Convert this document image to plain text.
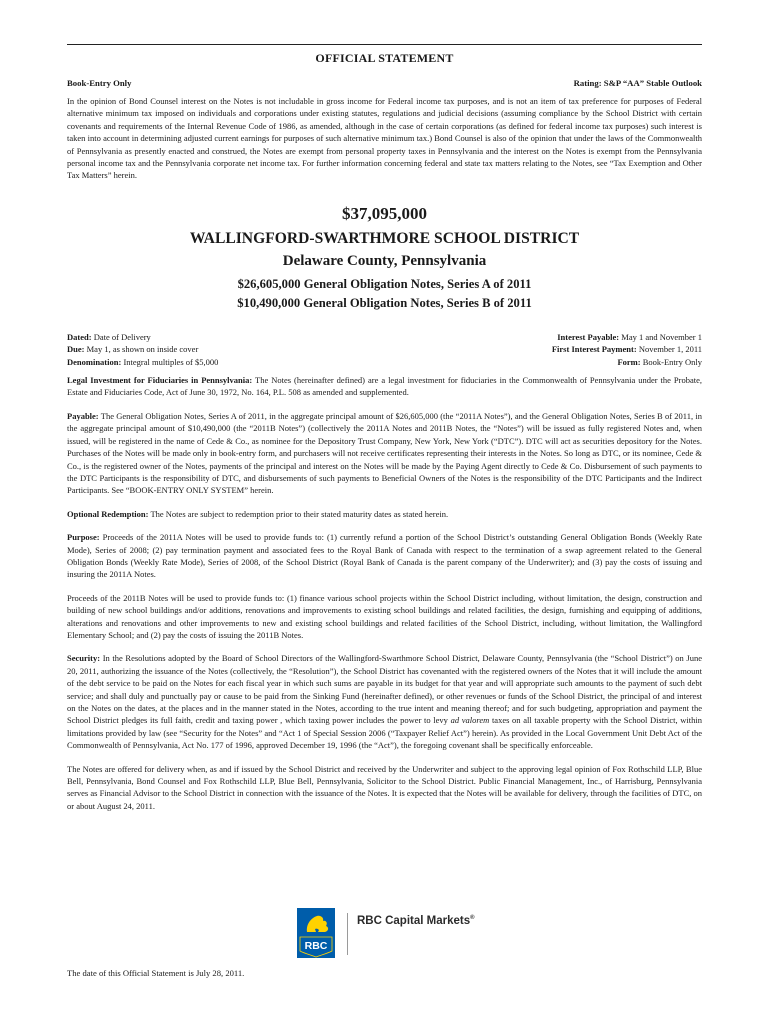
OFFICIAL STATEMENT
Book-Entry Only	Rating: S&P “AA” Stable Outlook

In the opinion of Bond Counsel interest on the Notes is not includable in gross income for Federal income tax purposes, and is not an item of tax preference for purposes of Federal alternative minimum tax imposed on individuals and corporations under existing statutes, regulations and judicial decisions (assuming compliance by the School District with certain covenants and requirements of the Internal Revenue Code of 1986, as amended, although in the case of certain corporations (as defined for federal income tax purposes) such interest is taken into account in determining adjusted current earnings for purposes of such alternative minimum tax.) Bond Counsel is also of the opinion that under the laws of the Commonwealth of Pennsylvania as presently enacted and construed, the Notes are exempt from personal property taxes in Pennsylvania and the interest on the Notes is exempt from the Pennsylvania personal income tax and the Pennsylvania corporate net income tax. For further information concerning federal and state tax matters relating to the Notes, see “Tax Exemption and Other Tax Matters” herein.

$37,095,000
WALLINGFORD-SWARTHMORE SCHOOL DISTRICT
Delaware County, Pennsylvania
$26,605,000 General Obligation Notes, Series A of 2011
$10,490,000 General Obligation Notes, Series B of 2011
Dated: Date of Delivery
Due: May 1, as shown on inside cover
Denomination: Integral multiples of $5,000
Interest Payable: May 1 and November 1
First Interest Payment: November 1, 2011
Form: Book-Entry Only

Legal Investment for Fiduciaries in Pennsylvania: The Notes (hereinafter defined) are a legal investment for fiduciaries in the Commonwealth of Pennsylvania under the Probate, Estate and Fiduciaries Code, Act of June 30, 1972, No. 164, P.L. 508 as amended and supplemented.

Payable: The General Obligation Notes, Series A of 2011, in the aggregate principal amount of $26,605,000 (the “2011A Notes”), and the General Obligation Notes, Series B of 2011, in the aggregate principal amount of $10,490,000 (the “2011B Notes”) (collectively the 2011A Notes and 2011B Notes, the “Notes”) will be issued as fully registered Notes and, when issued, will be registered in the name of Cede & Co., as nominee for the Depository Trust Company, New York, New York (“DTC”). DTC will act as securities depository for the Notes. Purchases of the Notes will be made only in book-entry form, and purchasers will not receive certificates representing their interests in the Notes. So long as DTC, or its nominee, Cede & Co., is the registered owner of the Notes, payments of the principal and interest on the Notes will be made by the Paying Agent directly to Cede & Co. Disbursement of such payments to the DTC Participants is the responsibility of DTC, and disbursements of such payments to Beneficial Owners of the Notes is the responsibility of the DTC Participants and the Indirect Participants. See “BOOK-ENTRY ONLY SYSTEM” herein.

Optional Redemption: The Notes are subject to redemption prior to their stated maturity dates as stated herein.

Purpose: Proceeds of the 2011A Notes will be used to provide funds to: (1) currently refund a portion of the School District’s outstanding General Obligation Bonds (Weekly Rate Mode), Series of 2008; (2) pay termination payment and associated fees to the Royal Bank of Canada with respect to the termination of a swap agreement related to the General Obligation Bonds (Weekly Rate Mode), Series of 2008, of the School District (Royal Bank of Canada is the parent company of the Underwriter); and (3) pay the costs of issuing and insuring the 2011A Notes.

Proceeds of the 2011B Notes will be used to provide funds to: (1) finance various school projects within the School District including, without limitation, the design, construction and building of new school buildings and/or additions, renovations and improvements to existing school buildings and related facilities, the design, furnishing and equipping of additions, alterations and renovations and other improvements to new and existing school buildings and related facilities of the School District, including, without limitation, the Wallingford Elementary School; and (2) pay the costs of issuing the 2011B Notes.

Security: In the Resolutions adopted by the Board of School Directors of the Wallingford-Swarthmore School District, Delaware County, Pennsylvania (the “School District”) on June 20, 2011, authorizing the issuance of the Notes (collectively, the “Resolution”), the School District has covenanted with the registered owners of the Notes that it will include the amount of the debt service to be paid on the Notes for each fiscal year in which such sums are payable in its budget for that year and will appropriate such amounts to the payment of such debt service; and shall duly and punctually pay or cause to be paid from the Sinking Fund (hereinafter defined), or other revenues or funds of the School District, the principal of and interest on the Notes on the dates, at the places and in the manner stated in the Notes, according to the true intent and meaning thereof; and for such budgeting, appropriation and payment the School District pledges its full faith, credit and taxing power , which taxing power includes the power to levy ad valorem taxes on all taxable property with the School District, within limitations provided by law (see “Security for the Notes” and “Act 1 of Special Session 2006 (“Taxpayer Relief Act”) herein). As provided in the Local Government Unit Debt Act of the Commonwealth of Pennsylvania, Act No. 177 of 1996, approved December 19, 1996 (the “Act”), the foregoing covenant shall be specifically enforceable.

The Notes are offered for delivery when, as and if issued by the School District and received by the Underwriter and subject to the approving legal opinion of Fox Rothschild LLP, Blue Bell, Pennsylvania, Bond Counsel and Fox Rothschild LLP, Blue Bell, Pennsylvania, Solicitor to the School District. Public Financial Management, Inc., of Harrisburg, Pennsylvania serves as Financial Advisor to the School District in connection with the issuance of the Notes. It is expected that the Notes will be available for delivery, through the facilities of DTC, on or about August 24, 2011.

RBC
RBC Capital Markets®
The date of this Official Statement is July 28, 2011.
